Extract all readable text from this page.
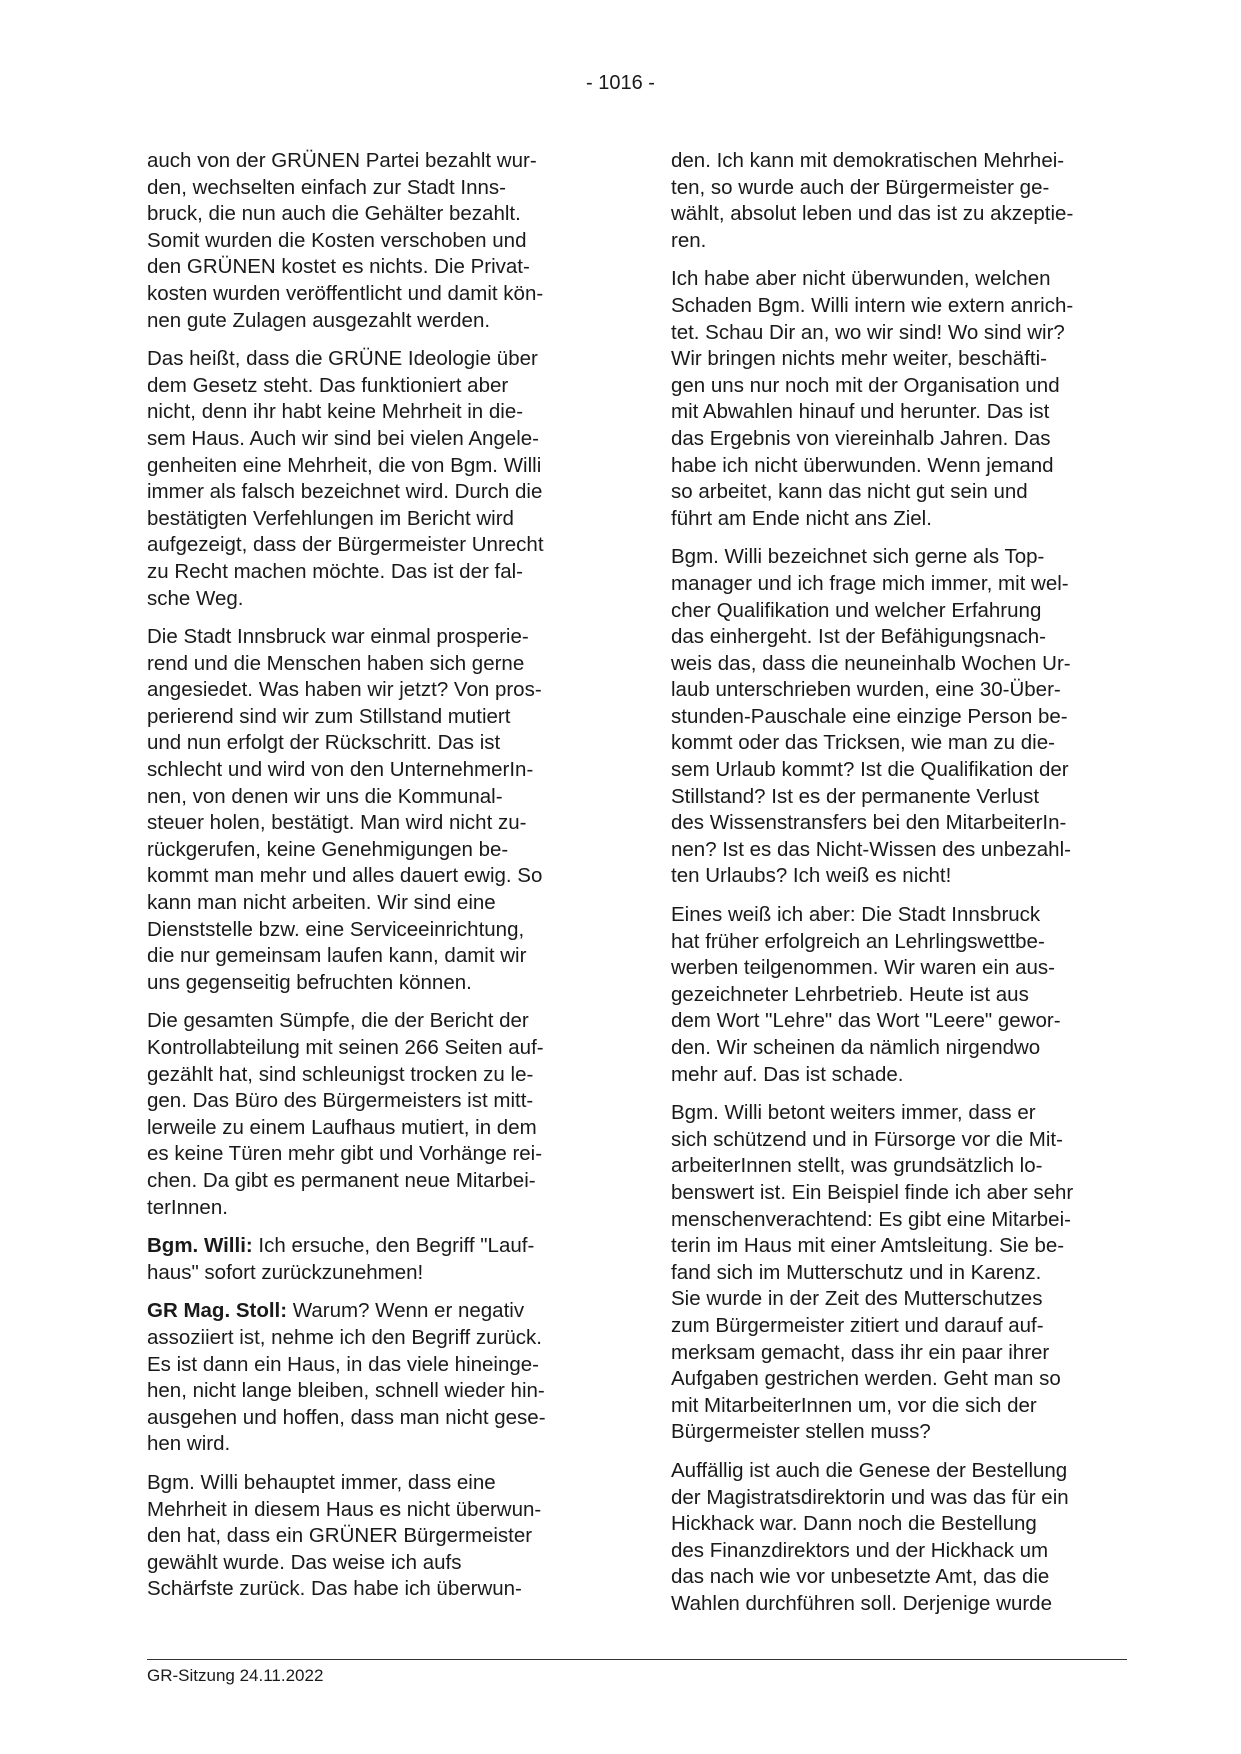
- 1016 -

auch von der GRÜNEN Partei bezahlt wur-
den, wechselten einfach zur Stadt Inns-
bruck, die nun auch die Gehälter bezahlt.
Somit wurden die Kosten verschoben und
den GRÜNEN kostet es nichts. Die Privat-
kosten wurden veröffentlicht und damit kön-
nen gute Zulagen ausgezahlt werden.

Das heißt, dass die GRÜNE Ideologie über
dem Gesetz steht. Das funktioniert aber
nicht, denn ihr habt keine Mehrheit in die-
sem Haus. Auch wir sind bei vielen Angele-
genheiten eine Mehrheit, die von Bgm. Willi
immer als falsch bezeichnet wird. Durch die
bestätigten Verfehlungen im Bericht wird
aufgezeigt, dass der Bürgermeister Unrecht
zu Recht machen möchte. Das ist der fal-
sche Weg.

Die Stadt Innsbruck war einmal prosperie-
rend und die Menschen haben sich gerne
angesiedet. Was haben wir jetzt? Von pros-
perierend sind wir zum Stillstand mutiert
und nun erfolgt der Rückschritt. Das ist
schlecht und wird von den UnternehmerIn-
nen, von denen wir uns die Kommunal-
steuer holen, bestätigt. Man wird nicht zu-
rückgerufen, keine Genehmigungen be-
kommt man mehr und alles dauert ewig. So
kann man nicht arbeiten. Wir sind eine
Dienststelle bzw. eine Serviceeinrichtung,
die nur gemeinsam laufen kann, damit wir
uns gegenseitig befruchten können.

Die gesamten Sümpfe, die der Bericht der
Kontrollabteilung mit seinen 266 Seiten auf-
gezählt hat, sind schleunigst trocken zu le-
gen. Das Büro des Bürgermeisters ist mitt-
lerweile zu einem Laufhaus mutiert, in dem
es keine Türen mehr gibt und Vorhänge rei-
chen. Da gibt es permanent neue Mitarbei-
terInnen.

Bgm. Willi: Ich ersuche, den Begriff "Lauf-
haus" sofort zurückzunehmen!

GR Mag. Stoll: Warum? Wenn er negativ
assoziiert ist, nehme ich den Begriff zurück.
Es ist dann ein Haus, in das viele hineinge-
hen, nicht lange bleiben, schnell wieder hin-
ausgehen und hoffen, dass man nicht gese-
hen wird.

Bgm. Willi behauptet immer, dass eine
Mehrheit in diesem Haus es nicht überwun-
den hat, dass ein GRÜNER Bürgermeister
gewählt wurde. Das weise ich aufs
Schärfste zurück. Das habe ich überwun-

den. Ich kann mit demokratischen Mehrhei-
ten, so wurde auch der Bürgermeister ge-
wählt, absolut leben und das ist zu akzeptie-
ren.

Ich habe aber nicht überwunden, welchen
Schaden Bgm. Willi intern wie extern anrich-
tet. Schau Dir an, wo wir sind! Wo sind wir?
Wir bringen nichts mehr weiter, beschäfti-
gen uns nur noch mit der Organisation und
mit Abwahlen hinauf und herunter. Das ist
das Ergebnis von viereinhalb Jahren. Das
habe ich nicht überwunden. Wenn jemand
so arbeitet, kann das nicht gut sein und
führt am Ende nicht ans Ziel.

Bgm. Willi bezeichnet sich gerne als Top-
manager und ich frage mich immer, mit wel-
cher Qualifikation und welcher Erfahrung
das einhergeht. Ist der Befähigungsnach-
weis das, dass die neuneinhalb Wochen Ur-
laub unterschrieben wurden, eine 30-Über-
stunden-Pauschale eine einzige Person be-
kommt oder das Tricksen, wie man zu die-
sem Urlaub kommt? Ist die Qualifikation der
Stillstand? Ist es der permanente Verlust
des Wissenstransfers bei den MitarbeiterIn-
nen? Ist es das Nicht-Wissen des unbezahl-
ten Urlaubs? Ich weiß es nicht!

Eines weiß ich aber: Die Stadt Innsbruck
hat früher erfolgreich an Lehrlingswettbe-
werben teilgenommen. Wir waren ein aus-
gezeichneter Lehrbetrieb. Heute ist aus
dem Wort "Lehre" das Wort "Leere" gewor-
den. Wir scheinen da nämlich nirgendwo
mehr auf. Das ist schade.

Bgm. Willi betont weiters immer, dass er
sich schützend und in Fürsorge vor die Mit-
arbeiterInnen stellt, was grundsätzlich lo-
benswert ist. Ein Beispiel finde ich aber sehr
menschenverachtend: Es gibt eine Mitarbei-
terin im Haus mit einer Amtsleitung. Sie be-
fand sich im Mutterschutz und in Karenz.
Sie wurde in der Zeit des Mutterschutzes
zum Bürgermeister zitiert und darauf auf-
merksam gemacht, dass ihr ein paar ihrer
Aufgaben gestrichen werden. Geht man so
mit MitarbeiterInnen um, vor die sich der
Bürgermeister stellen muss?

Auffällig ist auch die Genese der Bestellung
der Magistratsdirektorin und was das für ein
Hickhack war. Dann noch die Bestellung
des Finanzdirektors und der Hickhack um
das nach wie vor unbesetzte Amt, das die
Wahlen durchführen soll. Derjenige wurde

GR-Sitzung 24.11.2022
